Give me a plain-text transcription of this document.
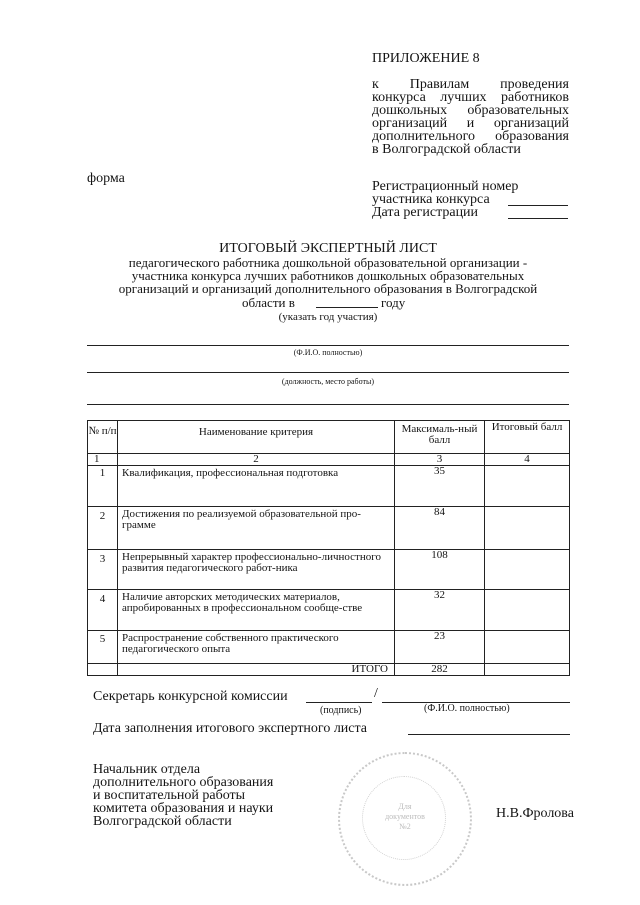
ПРИЛОЖЕНИЕ 8
к Правилам проведения
конкурса лучших работников
дошкольных образовательных
организаций и организаций
дополнительного образования
в Волгоградской области
форма
Регистрационный номер
участника конкурса
Дата регистрации
ИТОГОВЫЙ ЭКСПЕРТНЫЙ ЛИСТ
педагогического работника дошкольной образовательной организации -
участника конкурса лучших работников дошкольных образовательных
организаций и организаций дополнительного образования в Волгоградской
области в	году
(указать год участия)
(Ф.И.О. полностью)
(должность, место работы)
№ п/п	Наименование критерия	Максималь-ный балл	Итоговый балл
1	2	3	4
1	Квалификация, профессиональная подготовка	35	
2	Достижения по реализуемой образовательной про-грамме	84	
3	Непрерывный характер профессионально-личностного развития педагогического работ-ника	108	
4	Наличие авторских методических материалов, апробированных в профессиональном сообще-стве	32	
5	Распространение собственного практического педагогического опыта	23	
	ИТОГО	282	
Секретарь конкурсной комиссии	/
(подпись)	(Ф.И.О. полностью)
Дата заполнения итогового экспертного листа
Начальник отдела
дополнительного образования
и воспитательной работы
комитета образования и науки
Волгоградской области
Н.В.Фролова
Для
документов
№2
